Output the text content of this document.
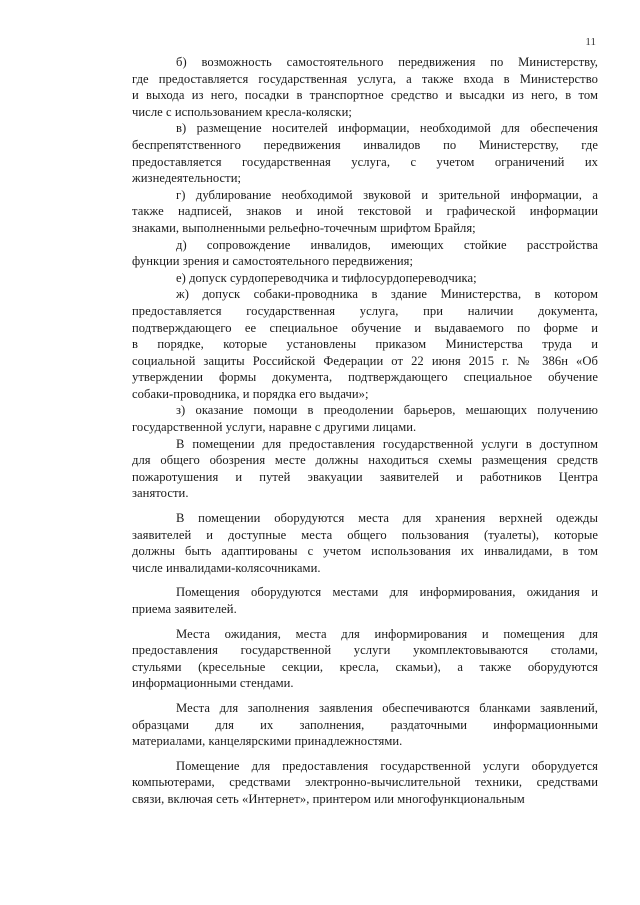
11
б) возможность самостоятельного передвижения по Министерству,
где предоставляется государственная услуга, а также входа в Министерство
и выхода из него, посадки в транспортное средство и высадки из него, в том
числе с использованием кресла-коляски;
в) размещение носителей информации, необходимой для обеспечения
беспрепятственного передвижения инвалидов по Министерству, где
предоставляется государственная услуга, с учетом ограничений их
жизнедеятельности;
г) дублирование необходимой звуковой и зрительной информации, а
также надписей, знаков и иной текстовой и графической информации
знаками, выполненными рельефно-точечным шрифтом Брайля;
д) сопровождение инвалидов, имеющих стойкие расстройства
функции зрения и самостоятельного передвижения;
е) допуск сурдопереводчика и тифлосурдопереводчика;
ж) допуск собаки-проводника в здание Министерства, в котором
предоставляется государственная услуга, при наличии документа,
подтверждающего ее специальное обучение и выдаваемого по форме и
в порядке, которые установлены приказом Министерства труда и
социальной защиты Российской Федерации от 22 июня 2015 г. № 386н «Об
утверждении формы документа, подтверждающего специальное обучение
собаки-проводника, и порядка его выдачи»;
з) оказание помощи в преодолении барьеров, мешающих получению
государственной услуги, наравне с другими лицами.
В помещении для предоставления государственной услуги в доступном
для общего обозрения месте должны находиться схемы размещения средств
пожаротушения и путей эвакуации заявителей и работников Центра
занятости.
В помещении оборудуются места для хранения верхней одежды
заявителей и доступные места общего пользования (туалеты), которые
должны быть адаптированы с учетом использования их инвалидами, в том
числе инвалидами-колясочниками.
Помещения оборудуются местами для информирования, ожидания и
приема заявителей.
Места ожидания, места для информирования и помещения для
предоставления государственной услуги укомплектовываются столами,
стульями (кресельные секции, кресла, скамьи), а также оборудуются
информационными стендами.
Места для заполнения заявления обеспечиваются бланками заявлений,
образцами для их заполнения, раздаточными информационными
материалами, канцелярскими принадлежностями.
Помещение для предоставления государственной услуги оборудуется
компьютерами, средствами электронно-вычислительной техники, средствами
связи, включая сеть «Интернет», принтером или многофункциональным
